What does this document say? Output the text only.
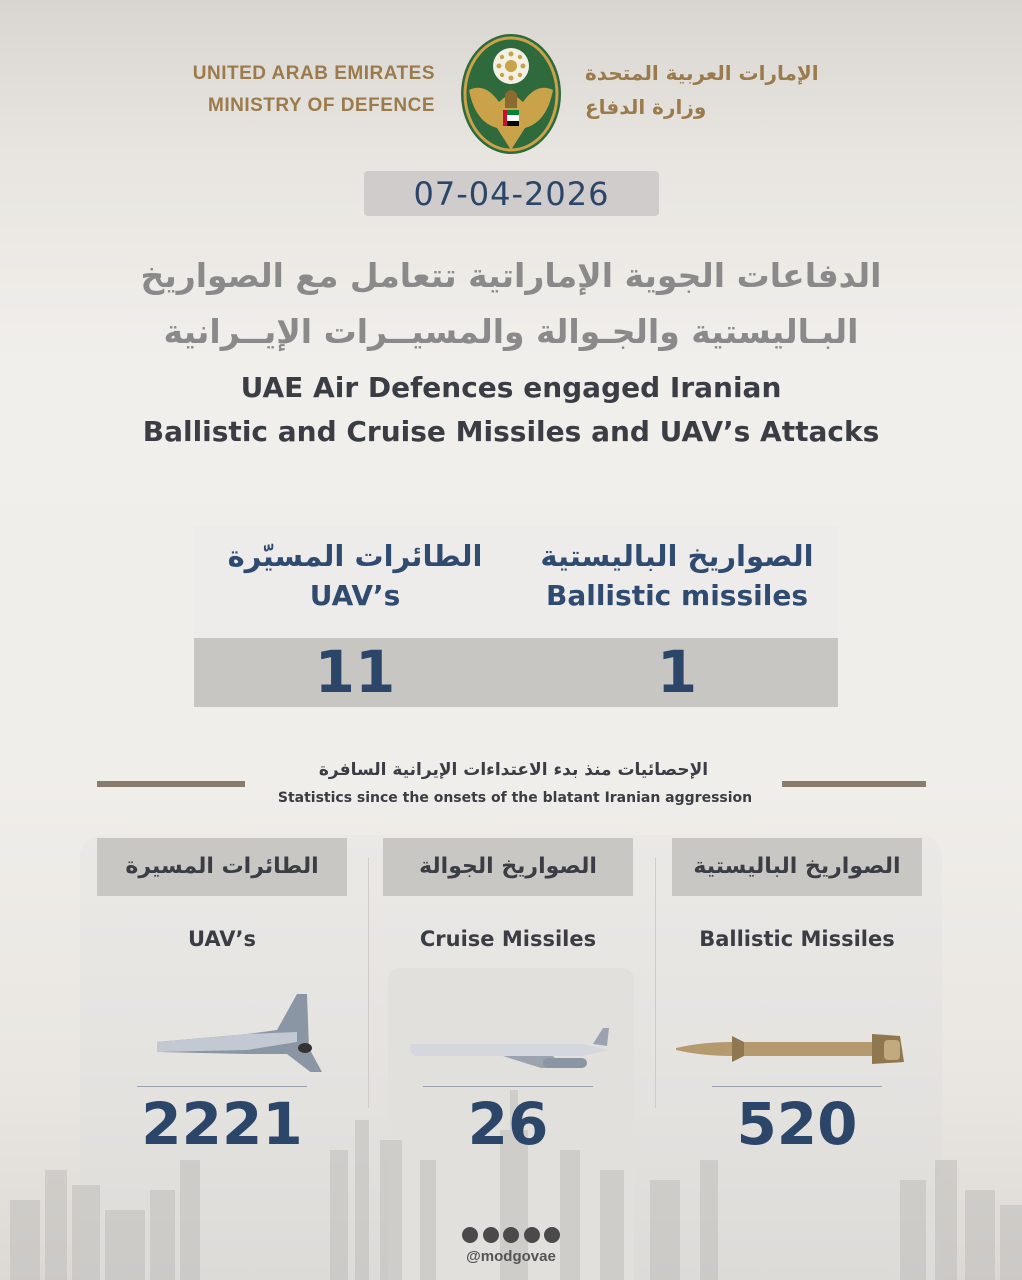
UNITED ARAB EMIRATES
MINISTRY OF DEFENCE
الإمارات العربية المتحدة
وزارة الدفاع
07-04-2026
الدفاعات الجوية الإماراتية تتعامل مع الصواريخ
البـاليستية والجـوالة والمسيــرات الإيــرانية
UAE Air Defences engaged Iranian
Ballistic and Cruise Missiles and UAV’s Attacks
الطائرات المسيّرة
UAV’s
11
الصواريخ الباليستية
Ballistic missiles
1
الإحصائيات منذ بدء الاعتداءات الإيرانية السافرة
Statistics since the onsets of the blatant Iranian aggression
الطائرات المسيرة
UAV’s
2221
الصواريخ الجوالة
Cruise Missiles
26
الصواريخ الباليستية
Ballistic Missiles
520
@modgovae
